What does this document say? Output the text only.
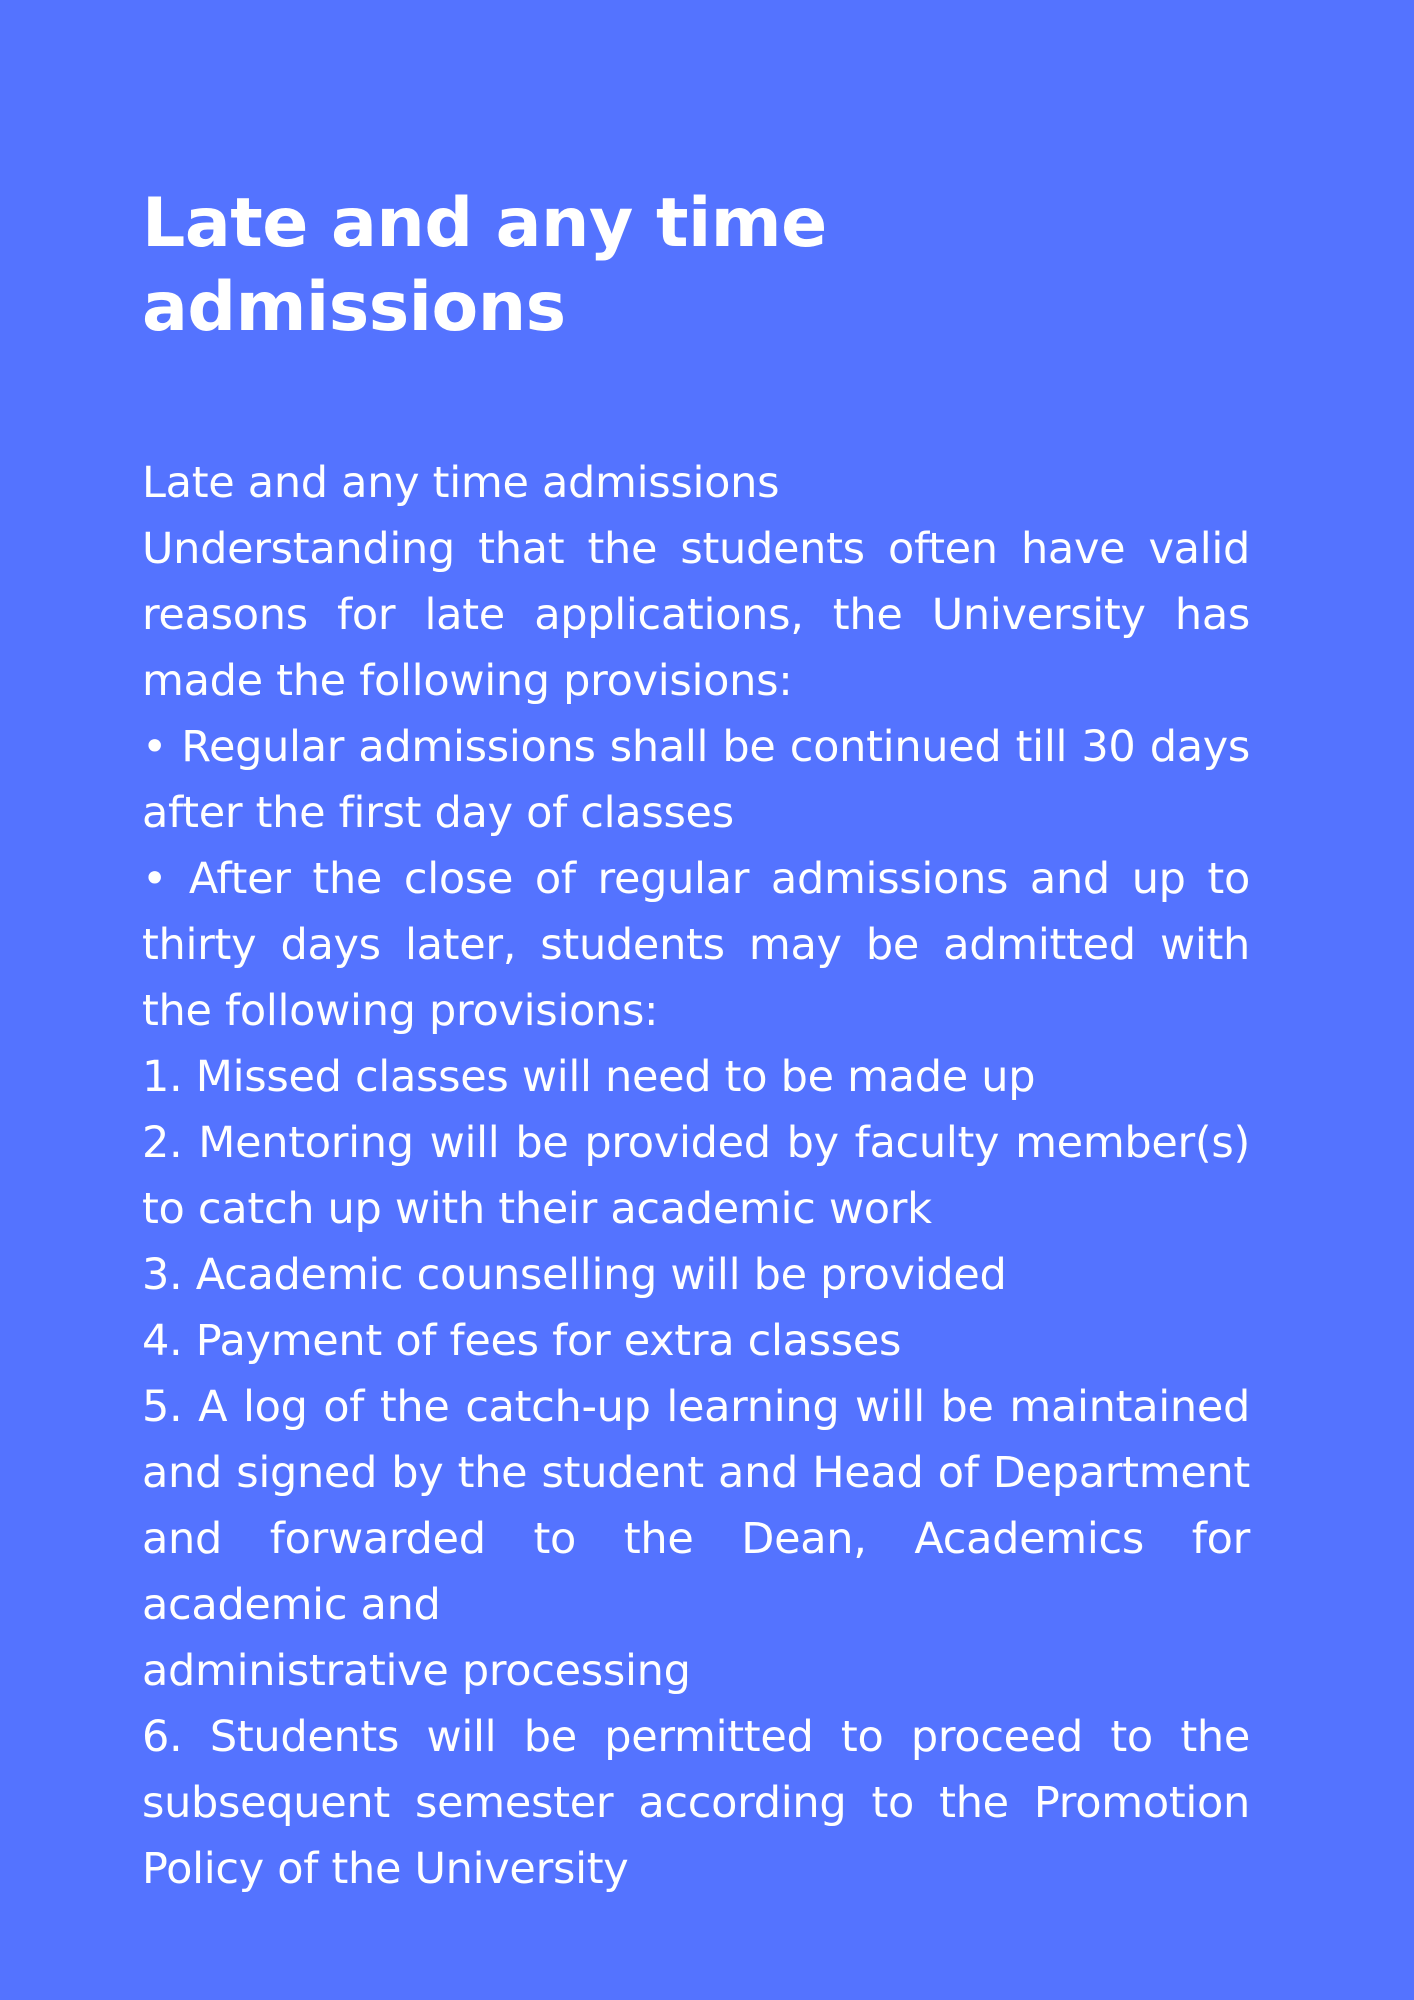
Late and any time admissions

Late and any time admissions

Understanding that the students often have valid reasons for late applications, the University has made the following provisions:

• Regular admissions shall be continued till 30 days after the first day of classes

• After the close of regular admissions and up to thirty days later, students may be admitted with the following provisions:

1. Missed classes will need to be made up

2. Mentoring will be provided by faculty member(s) to catch up with their academic work

3. Academic counselling will be provided

4. Payment of fees for extra classes

5. A log of the catch-up learning will be maintained and signed by the student and Head of Department and forwarded to the Dean, Academics for academic and

administrative processing

6. Students will be permitted to proceed to the subsequent semester according to the Promotion Policy of the University
